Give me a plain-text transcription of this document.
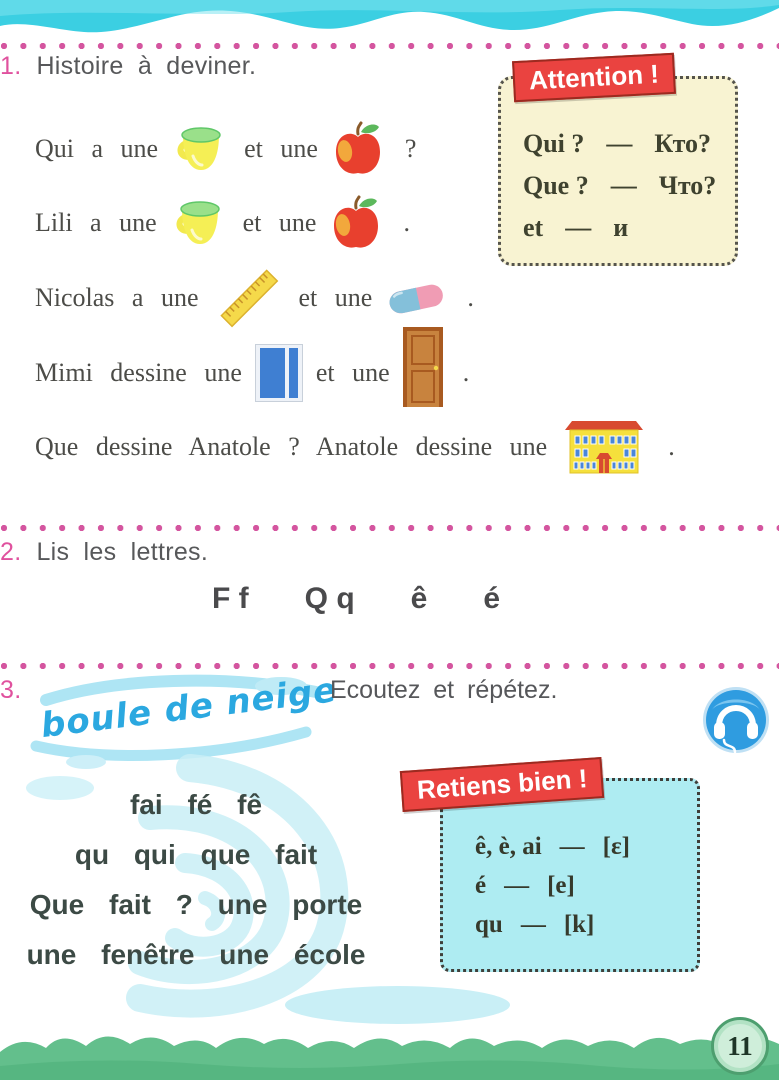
1. Histoire à deviner.	Attention !
Qui ? — Кто?
Que ? — Что?
et — и
Qui a une	et une	?
Lili a une	et une	.
Nicolas a une	et une	.
Mimi dessine une	et une	.
Que dessine Anatole ? Anatole dessine une	.
2. Lis les lettres.
F f Q q ê é
3. boule de neige
Ecoutez et répétez.
fai fé fê
qu qui que fait
Que fait ? une porte
une fenêtre une école
Retiens bien !
ê, è, ai — [ε]
é — [e]
qu — [k]
11
